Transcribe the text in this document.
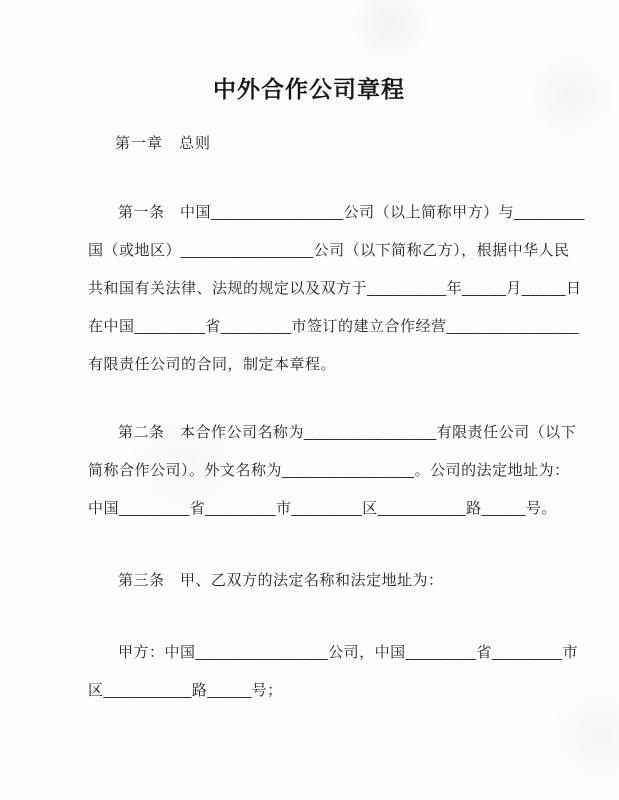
中外合作公司章程
第一章　总则
第一条　中国_______________公司（以上简称甲方）与________
国（或地区）_______________公司（以下简称乙方），根据中华人民
共和国有关法律、法规的规定以及双方于_________年_____月_____日
在中国________省________市签订的建立合作经营_______________
有限责任公司的合同，制定本章程。
第二条　本合作公司名称为_______________有限责任公司（以下
简称合作公司）。外文名称为_______________。公司的法定地址为：
中国________省________市________区__________路_____号。
第三条　甲、乙双方的法定名称和法定地址为：
甲方：中国_______________公司，中国________省________市
区__________路_____号；
